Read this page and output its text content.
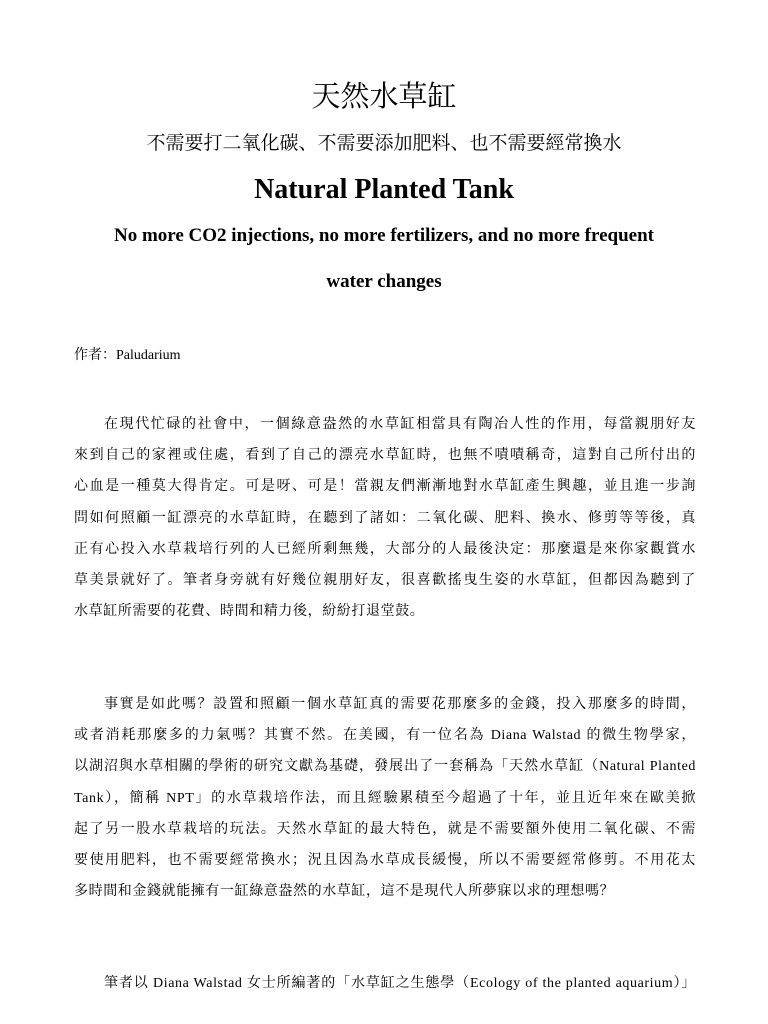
天然水草缸
不需要打二氧化碳、不需要添加肥料、也不需要經常換水
Natural Planted Tank
No more CO2 injections, no more fertilizers, and no more frequent
water changes
作者：Paludarium
在現代忙碌的社會中，一個綠意盎然的水草缸相當具有陶冶人性的作用，每當親朋好友
來到自己的家裡或住處，看到了自己的漂亮水草缸時，也無不嘖嘖稱奇，這對自己所付出的
心血是一種莫大得肯定。可是呀、可是！當親友們漸漸地對水草缸產生興趣，並且進一步詢
問如何照顧一缸漂亮的水草缸時，在聽到了諸如：二氧化碳、肥料、換水、修剪等等後，真
正有心投入水草栽培行列的人已經所剩無幾，大部分的人最後決定：那麼還是來你家觀賞水
草美景就好了。筆者身旁就有好幾位親朋好友，很喜歡搖曳生姿的水草缸，但都因為聽到了
水草缸所需要的花費、時間和精力後，紛紛打退堂鼓。
事實是如此嗎？設置和照顧一個水草缸真的需要花那麼多的金錢，投入那麼多的時間，
或者消耗那麼多的力氣嗎？其實不然。在美國，有一位名為 Diana Walstad 的微生物學家，
以湖沼與水草相關的學術的研究文獻為基礎，發展出了一套稱為「天然水草缸（Natural Planted
Tank），簡稱 NPT」的水草栽培作法，而且經驗累積至今超過了十年，並且近年來在歐美掀
起了另一股水草栽培的玩法。天然水草缸的最大特色，就是不需要額外使用二氧化碳、不需
要使用肥料，也不需要經常換水；況且因為水草成長緩慢，所以不需要經常修剪。不用花太
多時間和金錢就能擁有一缸綠意盎然的水草缸，這不是現代人所夢寐以求的理想嗎？
筆者以 Diana Walstad 女士所編著的「水草缸之生態學（Ecology of the planted aquarium）」
